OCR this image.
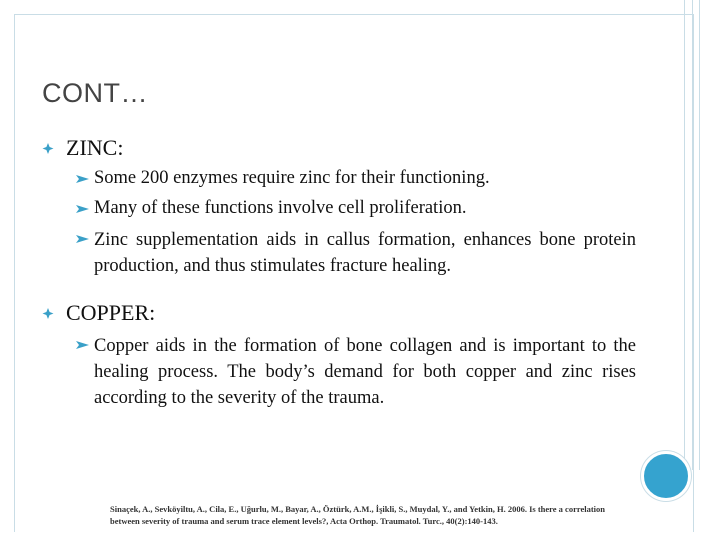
CONT…
ZINC:
Some 200 enzymes require zinc for their functioning.
Many of these functions involve cell proliferation.
Zinc supplementation aids in callus formation, enhances bone protein production, and thus stimulates fracture healing.
COPPER:
Copper aids in the formation of bone collagen and is important to the healing process. The body’s demand for both copper and zinc rises according to the severity of the trauma.
Sinaçek, A., Sevköyiltu, A., Cila, E., Uğurlu, M., Bayar, A., Öztürk, A.M., İşikli, S., Muydal, Y., and Yetkin, H. 2006. Is there a correlation between severity of trauma and serum trace element levels?, Acta Orthop. Traumatol. Turc., 40(2):140-143.
